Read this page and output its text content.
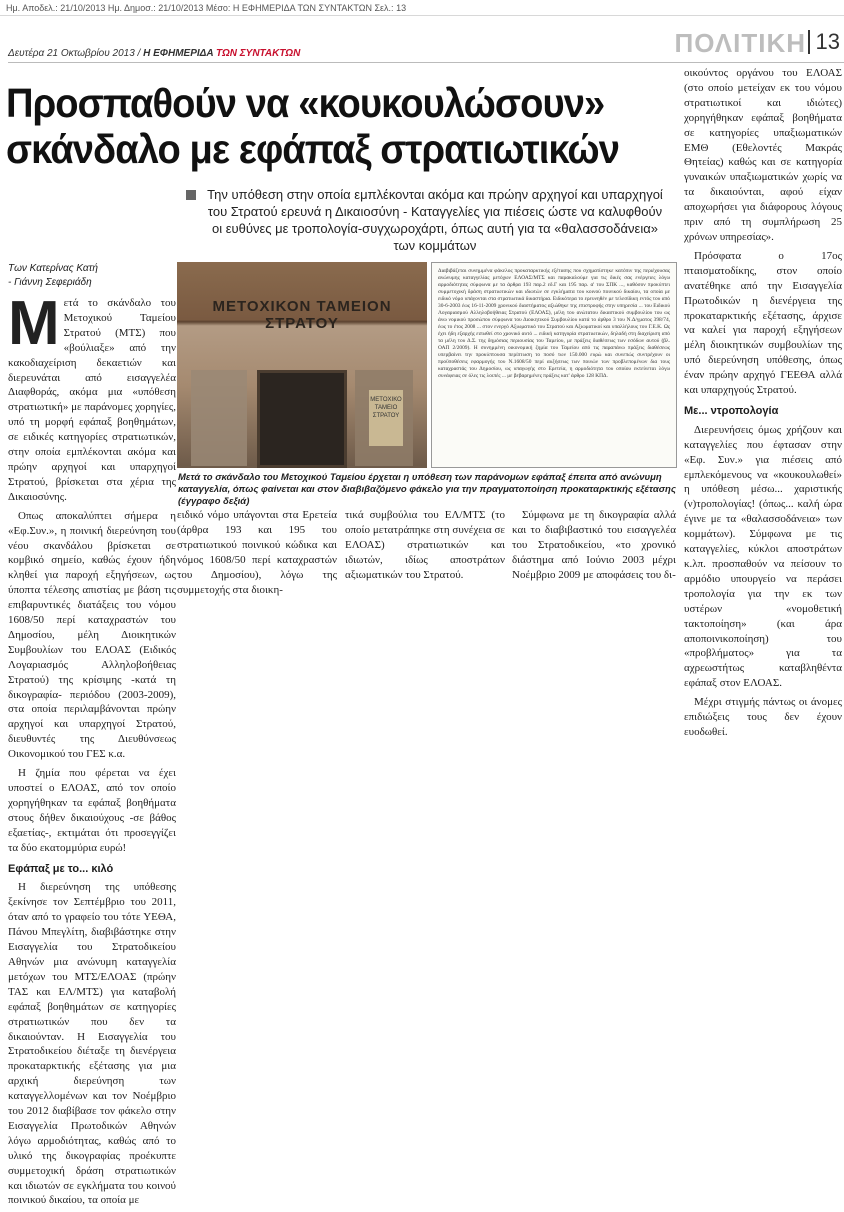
Ημ. Αποδελ.: 21/10/2013 Ημ. Δημοσ.: 21/10/2013 Μέσο: Η ΕΦΗΜΕΡΙΔΑ ΤΩΝ ΣΥΝΤΑΚΤΩΝ Σελ.: 13
Δευτέρα 21 Οκτωβρίου 2013 / Η ΕΦΗΜΕΡΙΔΑ ΤΩΝ ΣΥΝΤΑΚΤΩΝ	ΠΟΛΙΤΙΚΗ 13
Προσπαθούν να «κουκουλώσουν» σκάνδαλο με εφάπαξ στρατιωτικών
Την υπόθεση στην οποία εμπλέκονται ακόμα και πρώην αρχηγοί και υπαρχηγοί του Στρατού ερευνά η Δικαιοσύνη - Καταγγελίες για πιέσεις ώστε να καλυφθούν οι ευθύνες με τροπολογία-συγχωροχάρτι, όπως αυτή για τα «θαλασσοδάνεια» των κομμάτων
Των Κατερίνας Κατή
- Γιάννη Σεφεριάδη
ΜΕΤΟΧΙΚΟΝ ΤΑΜΕΙΟΝ ΣΤΡΑΤΟΥ
ΜΕΤΟΧΙΚΟ ΤΑΜΕΙΟ ΣΤΡΑΤΟΥ
Διαβιβάζεται συνημμένα φάκελος προκαταρκτικής εξέτασης που σχηματίστηκε κατόπιν της περιέχουσας ανώνυμης καταγγελίας μετόχων ΕΛΟΑΣ/ΜΤΣ και παρακαλούμε για τις δικές σας ενέργειες λόγω αρμοδιότητας σύμφωνα με τα άρθρα 193 παρ.2 εδ.Γ και 195 παρ. α' του ΣΠΚ ..., καθόσον προκύπτει συμμετοχική δράση στρατιωτικών και ιδιωτών σε εγκλήματα του κοινού ποινικού δικαίου, τα οποία με ειδικό νόμο υπάγονται στα στρατιωτικά δικαστήρια. Ειδικότερα το ερευνηθέν με τελεσίδικη εντός του από 30-6-2003 έως 16-11-2009 χρονικού διαστήματος αξιώθηκε της επιστροφής στην υπηρεσία ... του Ειδικού Λογαριασμού Αλληλοβοήθειας Στρατού (ΕΛΟΑΣ), μέλη του ανώτατου δικαστικού συμβουλίου του ως άνω νομικού προσώπου σύμφωνα του Διοικητικού Συμβουλίου κατά το άρθρο 3 του Ν.Δ/γματος 398/74, έως το έτος 2008 ... στον ενεργό Αξιωματικό του Στρατού και Αξιωματικοί και υπαλλήλους του Γ.Ε.Κ. Ως έχει ήδη εξαρχής ειπωθεί στο χρονικό αυτό ... ειδική κατηγορία στρατιωτικών, δηλαδή στη διαχείριση από τα μέλη του Δ.Σ. της δημόσιας περιουσίας του Ταμείου, με πράξεις διαθέσεως των εσόδων αυτού (βλ. ΟΑΠ 2/2009). Η συνημμένη οικονομική ζημία του Ταμείου από τις παραπάνω πράξεις διαθέσεως υπερβαίνει την προκύπτουσα περίπτωση το ποσό των 150.000 ευρώ και συνεπώς συντρέχουν οι προϋποθέσεις εφαρμογής του Ν.1608/50 περί αυξήσεως των ποινών των προβλεπομένων δια τους καταχραστάς του Δημοσίου, ως υπαγωγής στο Ερετεία, η αρμοδιότητα του οποίου εκτείνεται λόγω συνάφειας σε όλες τις λοιπές ... με βεβαρημένες πράξεις κατ' άρθρο 128 ΚΠΔ.
Μετά το σκάνδαλο του Μετοχικού Ταμείου έρχεται η υπόθεση των παράνομων εφάπαξ έπειτα από ανώνυμη καταγγελία, όπως φαίνεται και στον διαβιβαζόμενο φάκελο για την πραγματοποίηση προκαταρκτικής εξέτασης (έγγραφο δεξιά)
Μ ετά το σκάνδαλο του Μετοχικού Ταμείου Στρατού (ΜΤΣ) που «βούλιαξε» από την κακοδιαχείριση δεκαετιών και διερευνάται από εισαγγελέα Διαφθοράς, ακόμα μια «υπόθεση στρατιωτική» με παράνομες χορηγίες, υπό τη μορφή εφάπαξ βοηθημάτων, σε ειδικές κατηγορίες στρατιωτικών, στην οποία εμπλέκονται ακόμα και πρώην αρχηγοί και υπαρχηγοί Στρατού, βρίσκεται στα χέρια της Δικαιοσύνης.

Οπως αποκαλύπτει σήμερα η «Εφ.Συν.», η ποινική διερεύνηση του νέου σκανδάλου βρίσκεται σε κομβικό σημείο, καθώς έχουν ήδη κληθεί για παροχή εξηγήσεων, ως ύποπτα τέλεσης απιστίας με βάση τις επιβαρυντικές διατάξεις του νόμου 1608/50 περί καταχραστών του Δημοσίου, μέλη Διοικητικών Συμβουλίων του ΕΛΟΑΣ (Ειδικός Λογαριασμός Αλληλοβοήθειας Στρατού) της κρίσιμης -κατά τη δικογραφία- περιόδου (2003-2009), στα οποία περιλαμβάνονται πρώην αρχηγοί και υπαρχηγοί Στρατού, διευθυντές της Διευθύνσεως Οικονομικού του ΓΕΣ κ.α.

Η ζημία που φέρεται να έχει υποστεί ο ΕΛΟΑΣ, από τον οποίο χορηγήθηκαν τα εφάπαξ βοηθήματα στους δήθεν δικαιούχους -σε βάθος εξαετίας-, εκτιμάται ότι προσεγγίζει τα δύο εκατομμύρια ευρώ!

Εφάπαξ με το... κιλό

Η διερεύνηση της υπόθεσης ξεκίνησε τον Σεπτέμβριο του 2011, όταν από το γραφείο του τότε ΥΕΘΑ, Πάνου Μπεγλίτη, διαβιβάστηκε στην Εισαγγελία του Στρατοδικείου Αθηνών μια ανώνυμη καταγγελία μετόχων του ΜΤΣ/ΕΛΟΑΣ (πρώην ΤΑΣ και ΕΛ/ΜΤΣ) για καταβολή εφάπαξ βοηθημάτων σε κατηγορίες στρατιωτικών που δεν τα δικαιούνταν. Η Εισαγγελία του Στρατοδικείου διέταξε τη διενέργεια προκαταρκτικής εξέτασης για μια αρχική διερεύνηση των καταγγελλομένων και τον Νοέμβριο του 2012 διαβίβασε τον φάκελο στην Εισαγγελία Πρωτοδικών Αθηνών λόγω αρμοδιότητας, καθώς από το υλικό της δικογραφίας προέκυπτε συμμετοχική δράση στρατιωτικών και ιδιωτών σε εγκλήματα του κοινού ποινικού δικαίου, τα οποία με

ειδικό νόμο υπάγονται στα Ερετεία (άρθρα 193 και 195 του στρατιωτικού ποινικού κώδικα και νόμος 1608/50 περί καταχραστών του Δημοσίου), λόγω της συμμετοχής στα διοικη-

τικά συμβούλια του ΕΛ/ΜΤΣ (το οποίο μετατράπηκε στη συνέχεια σε ΕΛΟΑΣ) στρατιωτικών και ιδιωτών, ιδίως αποστράτων αξιωματικών του Στρατού.

Σύμφωνα με τη δικογραφία αλλά και το διαβιβαστικό του εισαγγελέα του Στρατοδικείου, «το χρονικό διάστημα από Ιούνιο 2003 μέχρι Νοέμβριο 2009 με αποφάσεις του δι-

οικούντος οργάνου του ΕΛΟΑΣ (στο οποίο μετείχαν εκ του νόμου στρατιωτικοί και ιδιώτες) χορηγήθηκαν εφάπαξ βοηθήματα σε κατηγορίες υπαξιωματικών ΕΜΘ (Εθελοντές Μακράς Θητείας) καθώς και σε κατηγορία γυναικών υπαξιωματικών χωρίς να τα δικαιούνται, αφού είχαν αποχωρήσει για διάφορους λόγους πριν από τη συμπλήρωση 25 χρόνων υπηρεσίας».

Πρόσφατα ο 17ος πταισματοδίκης, στον οποίο ανατέθηκε από την Εισαγγελία Πρωτοδικών η διενέργεια της προκαταρκτικής εξέτασης, άρχισε να καλεί για παροχή εξηγήσεων μέλη διοικητικών συμβουλίων της υπό διερεύνηση υπόθεσης, όπως έναν πρώην αρχηγό ΓΕΕΘΑ αλλά και υπαρχηγούς Στρατού.

Με... ντροπολογία

Διερευνήσεις όμως χρήζουν και καταγγελίες που έφτασαν στην «Εφ. Συν.» για πιέσεις από εμπλεκόμενους να «κουκουλωθεί» η υπόθεση μέσω... χαριστικής (ν)τροπολογίας! (όπως... καλή ώρα έγινε με τα «θαλασσοδάνεια» των κομμάτων). Σύμφωνα με τις καταγγελίες, κύκλοι αποστράτων κ.λπ. προσπαθούν να πείσουν το αρμόδιο υπουργείο να περάσει τροπολογία για την εκ των υστέρων «νομοθετική τακτοποίηση» (και άρα αποποινικοποίηση) του «προβλήματος» για τα αχρεωστήτως καταβληθέντα εφάπαξ στον ΕΛΟΑΣ.

Μέχρι στιγμής πάντως οι άνομες επιδιώξεις τους δεν έχουν ευοδωθεί.
